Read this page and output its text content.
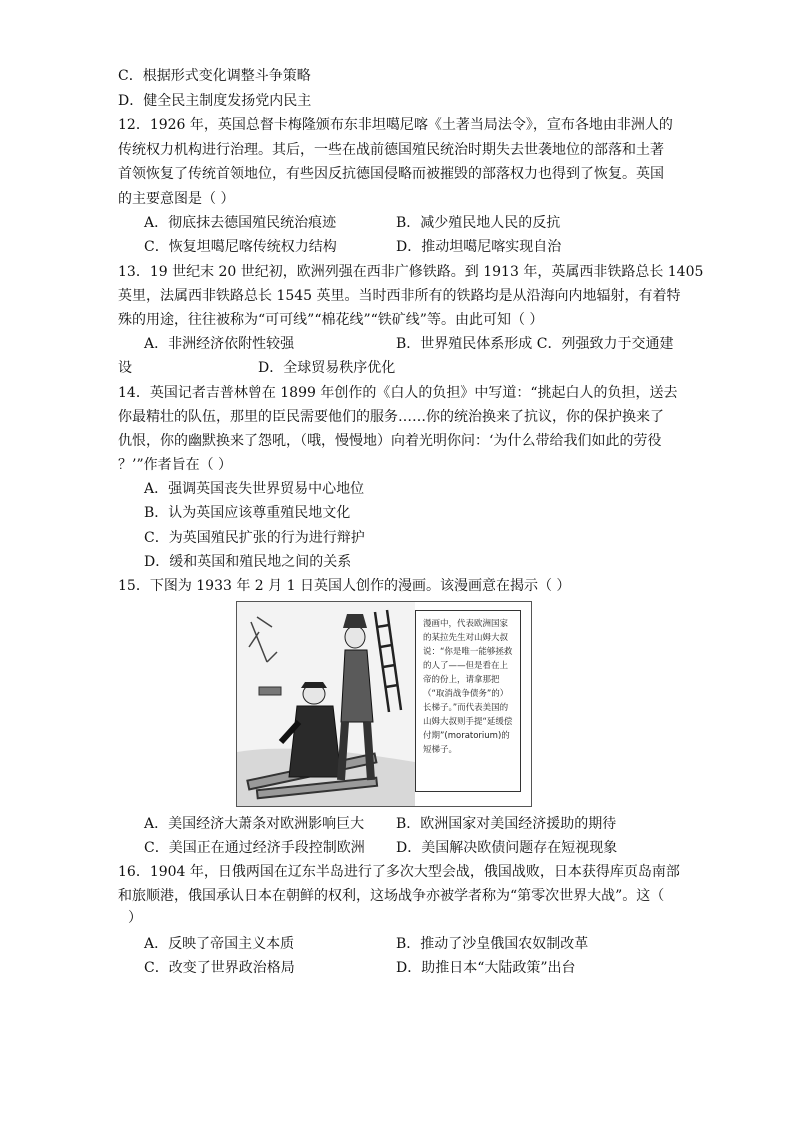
C．根据形式变化调整斗争策略
D．健全民主制度发扬党内民主
12．1926 年，英国总督卡梅隆颁布东非坦噶尼喀《土著当局法令》，宣布各地由非洲人的
传统权力机构进行治理。其后，一些在战前德国殖民统治时期失去世袭地位的部落和土著
首领恢复了传统首领地位，有些因反抗德国侵略而被摧毁的部落权力也得到了恢复。英国
的主要意图是（ ）
A．彻底抹去德国殖民统治痕迹	B．减少殖民地人民的反抗
C．恢复坦噶尼喀传统权力结构	D．推动坦噶尼喀实现自治
13．19 世纪末 20 世纪初，欧洲列强在西非广修铁路。到 1913 年，英属西非铁路总长 1405
英里，法属西非铁路总长 1545 英里。当时西非所有的铁路均是从沿海向内地辐射，有着特
殊的用途，往往被称为“可可线”“棉花线”“铁矿线”等。由此可知（ ）
A．非洲经济依附性较强	B．世界殖民体系形成 C．列强致力于交通建
设	D．全球贸易秩序优化
14．英国记者吉普林曾在 1899 年创作的《白人的负担》中写道：“挑起白人的负担，送去
你最精壮的队伍，那里的臣民需要他们的服务……你的统治换来了抗议，你的保护换来了
仇恨，你的幽默换来了怨吼，（哦，慢慢地）向着光明你问：‘为什么带给我们如此的劳役
？’”作者旨在（ ）
A．强调英国丧失世界贸易中心地位
B．认为英国应该尊重殖民地文化
C．为英国殖民扩张的行为进行辩护
D．缓和英国和殖民地之间的关系
15．下图为 1933 年 2 月 1 日英国人创作的漫画。该漫画意在揭示（ ）
漫画中，代表欧洲国家的某拉先生对山姆大叔说：“你是唯一能够拯救的人了——但是看在上帝的份上，请拿那把（“取消战争债务”的）长梯子。”而代表美国的山姆大叔则手提“延缓偿付期”(moratorium)的短梯子。
A．美国经济大萧条对欧洲影响巨大 B．欧洲国家对美国经济援助的期待
C．美国正在通过经济手段控制欧洲 D．美国解决欧债问题存在短视现象
16．1904 年，日俄两国在辽东半岛进行了多次大型会战，俄国战败，日本获得库页岛南部
和旅顺港，俄国承认日本在朝鲜的权利，这场战争亦被学者称为“第零次世界大战”。这（
）
A．反映了帝国主义本质	B．推动了沙皇俄国农奴制改革
C．改变了世界政治格局	D．助推日本“大陆政策”出台
